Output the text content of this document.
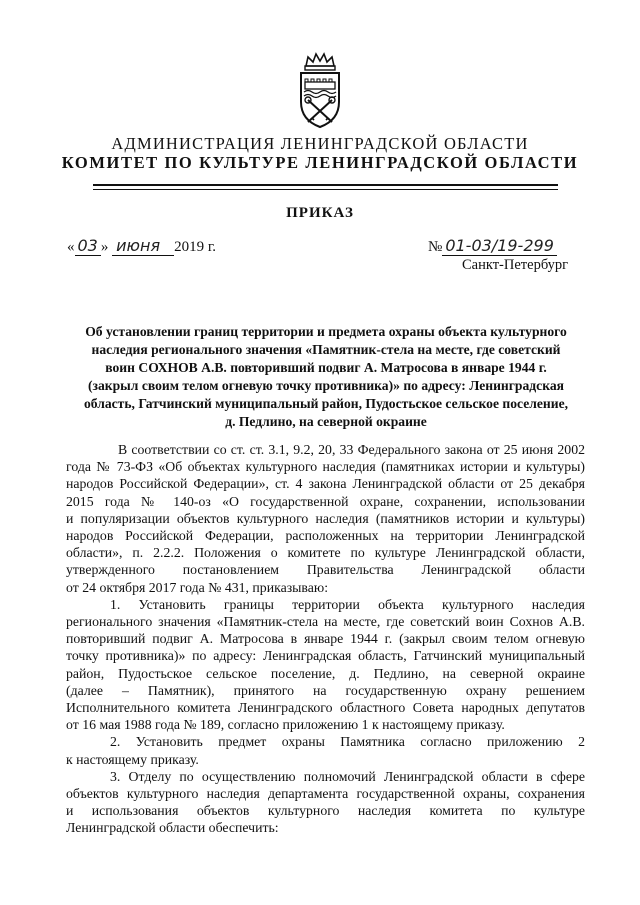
АДМИНИСТРАЦИЯ ЛЕНИНГРАДСКОЙ ОБЛАСТИ
КОМИТЕТ ПО КУЛЬТУРЕ ЛЕНИНГРАДСКОЙ ОБЛАСТИ
ПРИКАЗ
« 03 » июня 2019 г.	№ 01-03/19-299
Санкт-Петербург
Об установлении границ территории и предмета охраны объекта культурного
наследия регионального значения «Памятник-стела на месте, где советский
воин СОХНОВ А.В. повторивший подвиг А. Матросова в январе 1944 г.
(закрыл своим телом огневую точку противника)» по адресу: Ленинградская
область, Гатчинский муниципальный район, Пудостьское сельское поселение,
д. Педлино, на северной окраине
В соответствии со ст. ст. 3.1, 9.2, 20, 33 Федерального закона от 25 июня 2002
года № 73-ФЗ «Об объектах культурного наследия (памятниках истории и культуры)
народов Российской Федерации», ст. 4 закона Ленинградской области от 25 декабря
2015 года № 140-оз «О государственной охране, сохранении, использовании
и популяризации объектов культурного наследия (памятников истории и культуры)
народов Российской Федерации, расположенных на территории Ленинградской
области», п. 2.2.2. Положения о комитете по культуре Ленинградской области,
утвержденного постановлением Правительства Ленинградской области
от 24 октября 2017 года № 431, приказываю:
1. Установить границы территории объекта культурного наследия
регионального значения «Памятник-стела на месте, где советский воин Сохнов А.В.
повторивший подвиг А. Матросова в январе 1944 г. (закрыл своим телом огневую
точку противника)» по адресу: Ленинградская область, Гатчинский муниципальный
район, Пудостьское сельское поселение, д. Педлино, на северной окраине
(далее – Памятник), принятого на государственную охрану решением
Исполнительного комитета Ленинградского областного Совета народных депутатов
от 16 мая 1988 года № 189, согласно приложению 1 к настоящему приказу.
2. Установить предмет охраны Памятника согласно приложению 2
к настоящему приказу.
3. Отделу по осуществлению полномочий Ленинградской области в сфере
объектов культурного наследия департамента государственной охраны, сохранения
и использования объектов культурного наследия комитета по культуре
Ленинградской области обеспечить:
